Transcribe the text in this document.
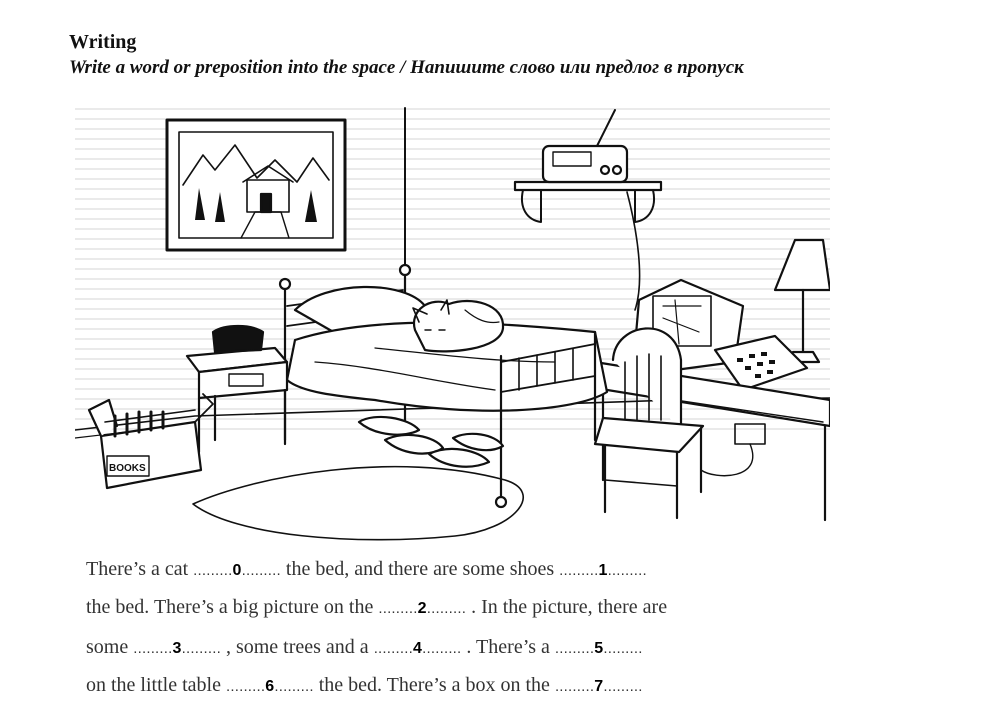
Writing
Write a word or preposition into the space / Напишите слово или предлог в пропуск
BOOKS
There’s a cat .........0......... the bed, and there are some shoes .........1.........
the bed. There’s a big picture on the .........2......... . In the picture, there are
some .........3......... , some trees and a .........4......... . There’s a .........5.........
on the little table .........6......... the bed. There’s a box on the .........7.........
